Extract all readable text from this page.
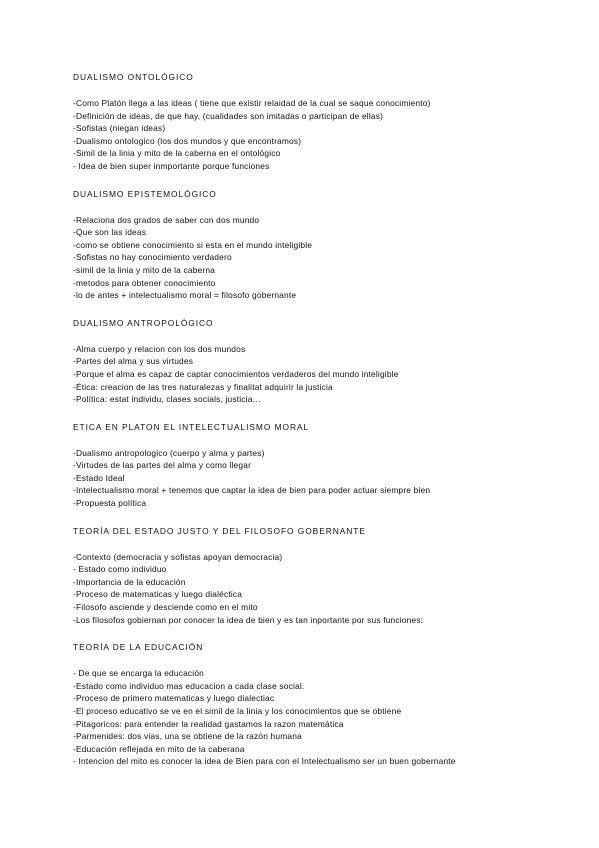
DUALISMO ONTOLÓGICO
-Como Platón llega a las ideas ( tiene que existir relaidad de la cual se saque conocimiento)
-Definición de ideas, de que hay, (cualidades son imitadas o participan de ellas)
-Sofistas (niegan ideas)
-Dualismo ontologico (los dos mundos y que encontramos)
-Simil de la linia y mito de la caberna en el ontológico
- Idea de bien super inmportante porque funciones
DUALISMO EPISTEMOLÓGICO
-Relaciona dos grados de saber con dos mundo
-Que son las ideas
-como se obtiene conocimiento si esta en el mundo inteligible
-Sofistas no hay conocimiento verdadero
-simil de la linia y mito de la caberna
-metodos para obtener conocimiento
-lo de antes + intelectualismo moral = filosofo gobernante
DUALISMO ANTROPOLÓGICO
-Alma cuerpo y relacion con los dos mundos
-Partes del alma y sus virtudes
-Porque el alma es capaz de captar conocimientos verdaderos del mundo inteligible
-Ética: creacion de las tres naturalezas y finalitat adquirir la justicia
-Política: estat individu, clases socials, justicia…
ETICA EN PLATON EL INTELECTUALISMO MORAL
-Dualismo antropologico (cuerpo y alma y partes)
-Virtudes de las partes del alma y como llegar
-Estado Ideal
-Intelectualismo moral + tenemos que captar la idea de bien para poder actuar siempre bien
-Propuesta política
TEORÍA DEL ESTADO JUSTO Y DEL FILOSOFO GOBERNANTE
-Contexto (democracia y sofistas apoyan democracia)
- Estado como individuo
-Importancia de la educación
-Proceso de matematicas y luego dialéctica
-Filosofo asciende y desciende como en el mito
-Los filosofos gobiernan por conocer la idea de bien y es tan inportante por sus funciones:
TEORÍA DE LA EDUCACIÓN
- De que se encarga la educación
-Estado como individuo mas educacion a cada clase social.
-Proceso de primero matematicas y luego dialectiac
-El proceso educativo se ve en el simil de la linia y los conocimientos que se obtiene
-Pitagoricos: para entender la realidad gastamos la razon matemática
-Parmenides: dos vias, una se obtiene de la razón humana
-Educación reflejada en mito de la caberana
- Intencion del mito es conocer la idea de Bien para con el Intelectualismo ser un buen gobernante
